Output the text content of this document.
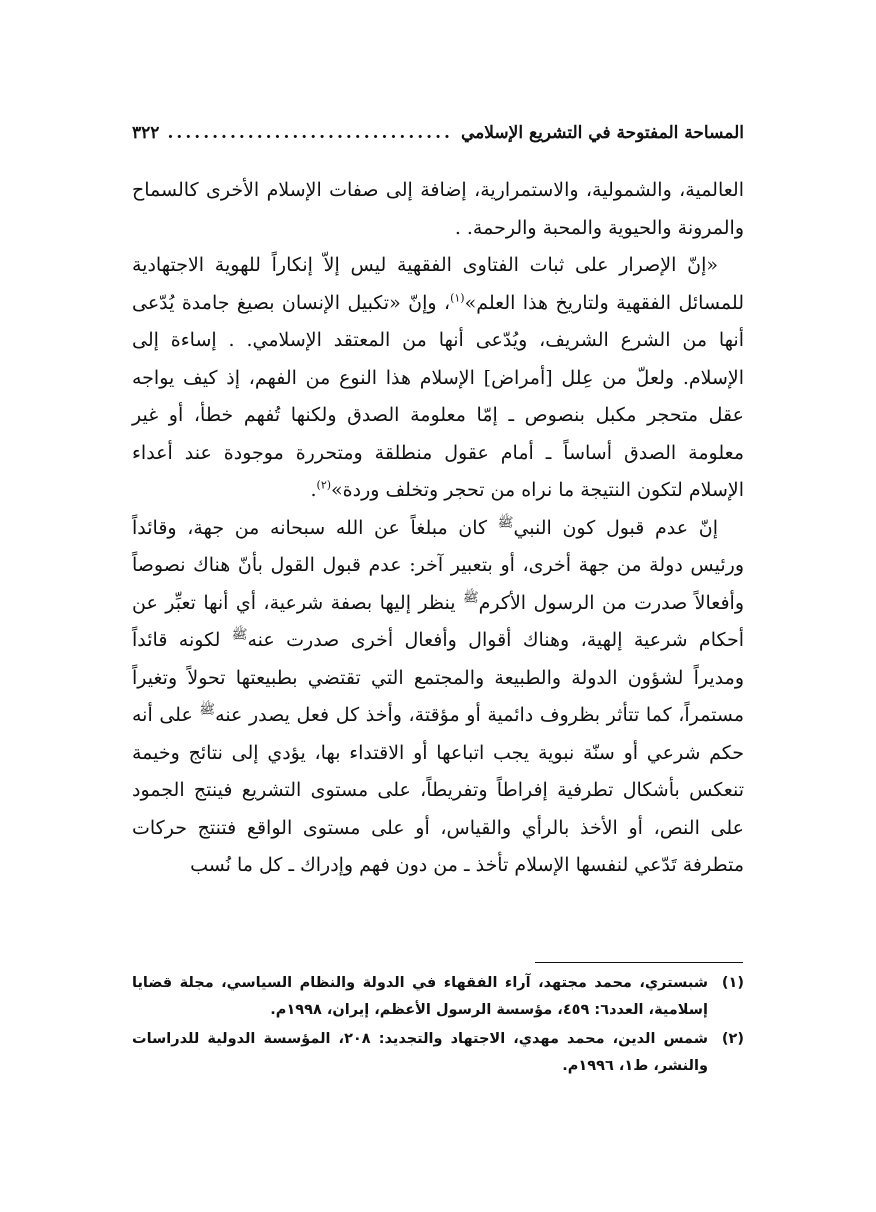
المساحة المفتوحة في التشريع الإسلامي
................................
٣٢٢

العالمية، والشمولية، والاستمرارية، إضافة إلى صفات الإسلام الأخرى كالسماح والمرونة والحيوية والمحبة والرحمة. .

«إنّ الإصرار على ثبات الفتاوى الفقهية ليس إلاّ إنكاراً للهوية الاجتهادية للمسائل الفقهية ولتاريخ هذا العلم»$^{(١)}$، وإنّ «تكبيل الإنسان بصيغ جامدة يُدّعى أنها من الشرع الشريف، ويُدّعى أنها من المعتقد الإسلامي. . إساءة إلى الإسلام. ولعلّ من عِلل [أمراض] الإسلام هذا النوع من الفهم، إذ كيف يواجه عقل متحجر مكبل بنصوص ـ إمّا معلومة الصدق ولكنها تُفهم خطأ، أو غير معلومة الصدق أساساً ـ أمام عقول منطلقة ومتحررة موجودة عند أعداء الإسلام لتكون النتيجة ما نراه من تحجر وتخلف وردة»$^{(٢)}$.

إنّ عدم قبول كون النبي$^ﷺ$ كان مبلغاً عن الله سبحانه من جهة، وقائداً ورئيس دولة من جهة أخرى، أو بتعبير آخر: عدم قبول القول بأنّ هناك نصوصاً وأفعالاً صدرت من الرسول الأكرم$^ﷺ$ ينظر إليها بصفة شرعية، أي أنها تعبِّر عن أحكام شرعية إلهية، وهناك أقوال وأفعال أخرى صدرت عنه$^ﷺ$ لكونه قائداً ومديراً لشؤون الدولة والطبيعة والمجتمع التي تقتضي بطبيعتها تحولاً وتغيراً مستمراً، كما تتأثر بظروف دائمية أو مؤقتة، وأخذ كل فعل يصدر عنه$^ﷺ$ على أنه حكم شرعي أو سنّة نبوية يجب اتباعها أو الاقتداء بها، يؤدي إلى نتائج وخيمة تنعكس بأشكال تطرفية إفراطاً وتفريطاً، على مستوى التشريع فينتج الجمود على النص، أو الأخذ بالرأي والقياس، أو على مستوى الواقع فتنتج حركات متطرفة تَدّعي لنفسها الإسلام تأخذ ـ من دون فهم وإدراك ـ كل ما نُسب

(١)
شبستري، محمد مجتهد، آراء الفقهاء في الدولة والنظام السياسي، مجلة قضايا إسلامية، العدد٦: ٤٥٩، مؤسسة الرسول الأعظم، إيران، ١٩٩٨م.

(٢)
شمس الدين، محمد مهدي، الاجتهاد والتجديد: ٢٠٨، المؤسسة الدولية للدراسات والنشر، ط١، ١٩٩٦م.
